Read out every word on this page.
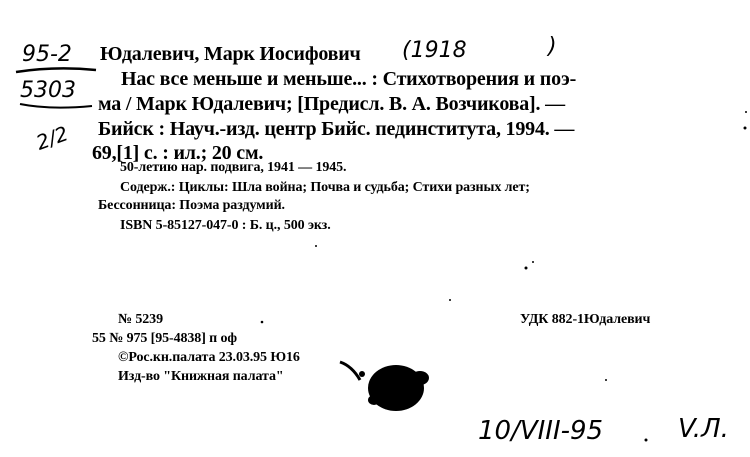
Юдалевич, Марк Иосифович
Нас все меньше и меньше... : Стихотворения и поэ-
ма / Марк Юдалевич; [Предисл. В. А. Возчикова]. —
Бийск : Науч.-изд. центр Бийс. пединститута, 1994. —
69,[1] с. : ил.; 20 см.
50-летию нар. подвига, 1941 — 1945.
Содерж.: Циклы: Шла война; Почва и судьба; Стихи разных лет;
Бессонница: Поэма раздумий.
ISBN 5-85127-047-0 : Б. ц., 500 экз.
№ 5239	УДК 882-1Юдалевич
55 № 975 [95-4838] п оф
©Рос.кн.палата 23.03.95 Ю16
Изд-во "Книжная палата"
95-2
5303
2/2
(1918	)
10/VIII-95	V.Л.
